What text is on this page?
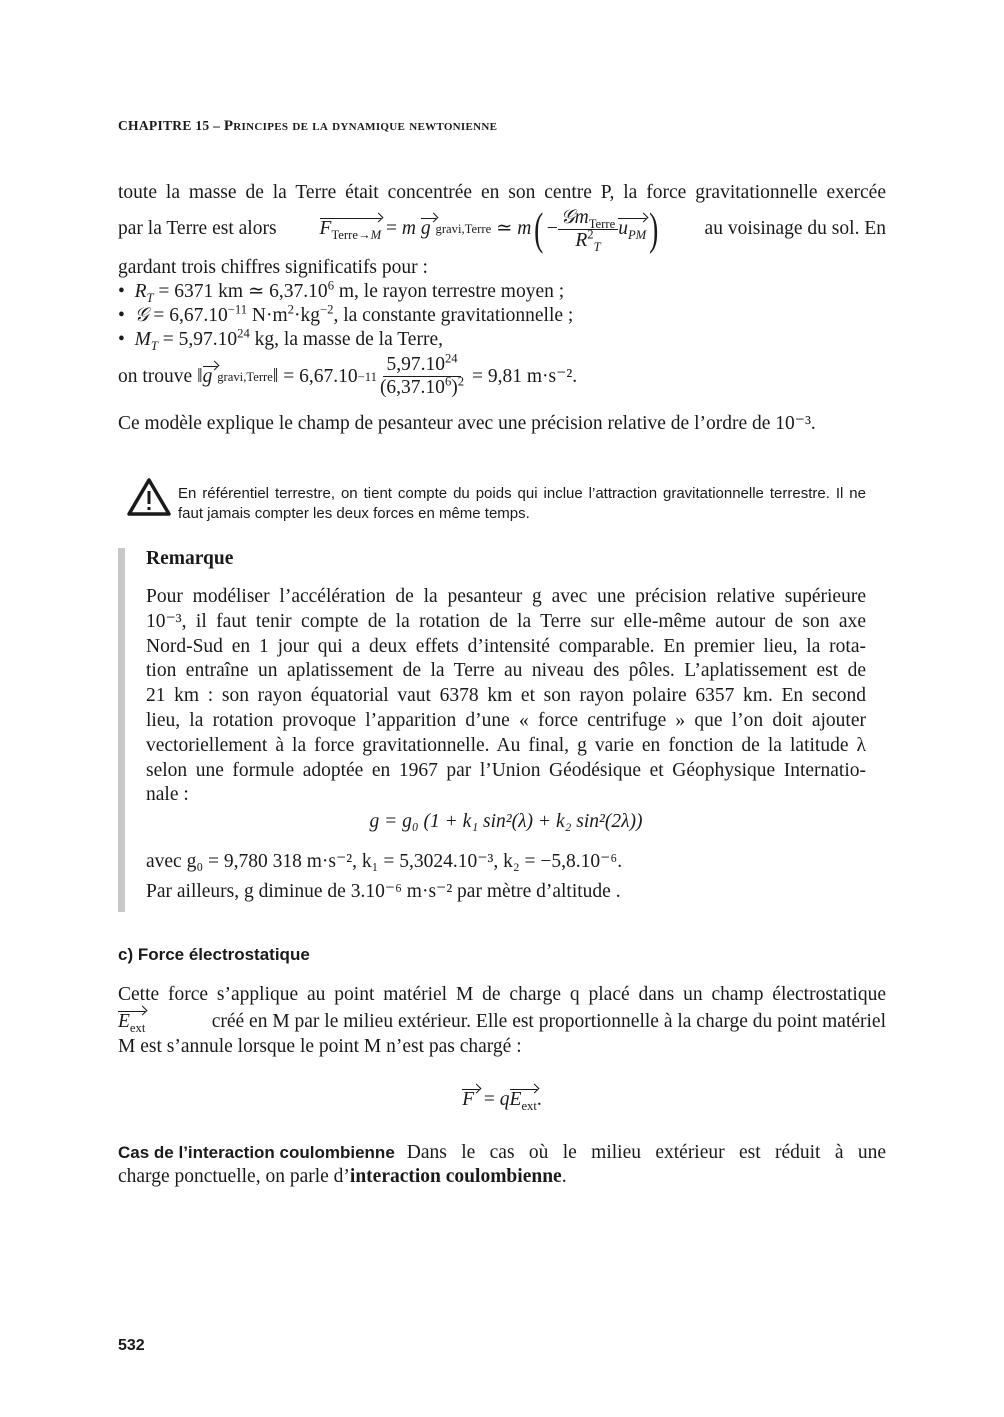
CHAPITRE 15 – Principes de la dynamique newtonienne
toute la masse de la Terre était concentrée en son centre P, la force gravitationnelle exercée
par la Terre est alors $F_{Terre\to M} = m$
g gravi,Terre ≃ m ( − $\frac{𝒢m_{Terre}}{R^2_T} u_{PM}$ ) au voisinage du sol. En
gardant trois chiffres significatifs pour :
•  $R_T = 6371$ km ≃ 6,37.10$^6$ m, le rayon terrestre moyen ;
•  𝒢 = $6,67.10^{-11}$ $N\cdot m^2\cdot kg^{-2}$, la constante gravitationnelle ;
•  $M_T = 5,97.10^{24}$ kg, la masse de la Terre,
on trouve ‖ g gravi,Terre ‖ = $6,67.10 -11 \frac{5,97.10^{24}}{(6,37.10^6)^2}$
= 9,81 m·s⁻².
Ce modèle explique le champ de pesanteur avec une précision relative de l’ordre de 10⁻³.
En référentiel terrestre, on tient compte du poids qui inclue l’attraction gravitationnelle terrestre. Il ne faut jamais compter les deux forces en même temps.
Remarque
Pour modéliser l’accélération de la pesanteur g avec une précision relative supérieure
10⁻³, il faut tenir compte de la rotation de la Terre sur elle-même autour de son axe
Nord-Sud en 1 jour qui a deux effets d’intensité comparable. En premier lieu, la rota-
tion entraîne un aplatissement de la Terre au niveau des pôles. L’aplatissement est de
21 km : son rayon équatorial vaut 6378 km et son rayon polaire 6357 km. En second
lieu, la rotation provoque l’apparition d’une « force centrifuge » que l’on doit ajouter
vectoriellement à la force gravitationnelle. Au final, g varie en fonction de la latitude λ
selon une formule adoptée en 1967 par l’Union Géodésique et Géophysique Internatio-
nale :
g = g₀ (1 + k₁ sin²(λ) + k₂ sin²(2λ))
avec g₀ = 9,780 318 m·s⁻², k₁ = 5,3024.10⁻³, k₂ = −5,8.10⁻⁶.
Par ailleurs, g diminue de 3.10⁻⁶ m·s⁻² par mètre d’altitude .
c) Force électrostatique
Cette force s’applique au point matériel M de charge q placé dans un champ électrostatique
$E_{ext}$	créé en M par le milieu extérieur. Elle est proportionnelle à la charge du point matériel
M est s’annule lorsque le point M n’est pas chargé :
$F = qE_{ext}$.
Cas de l’interaction coulombienne Dans le cas où le milieu extérieur est réduit à une
charge ponctuelle, on parle d’interaction coulombienne.
532
